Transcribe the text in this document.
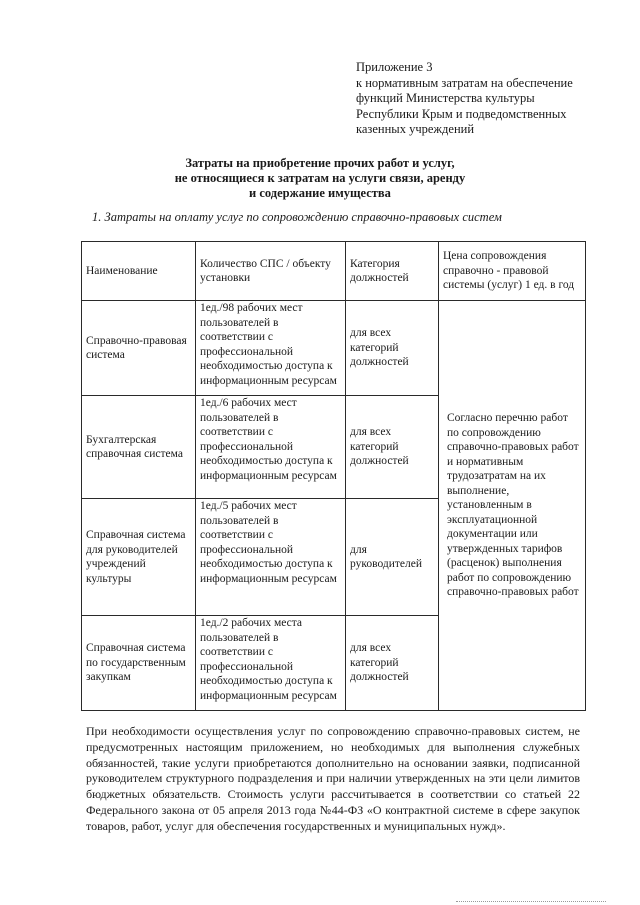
Приложение 3
к нормативным затратам на обеспечение
функций Министерства культуры
Республики Крым и подведомственных
казенных учреждений
Затраты на приобретение прочих работ и услуг,
не относящиеся к затратам на услуги связи, аренду
и содержание имущества
1. Затраты на оплату услуг по сопровождению справочно-правовых систем
Наименование	Количество СПС / объекту установки	Категория должностей	Цена сопровождения справочно - правовой системы (услуг) 1 ед. в год
Справочно-правовая система	1ед./98 рабочих мест пользователей в соответствии с профессиональной необходимостью доступа к информационным ресурсам	для всех категорий должностей	Согласно перечню работ по сопровождению справочно-правовых работ и нормативным трудозатратам на их выполнение, установленным в эксплуатационной документации или утвержденных тарифов (расценок) выполнения работ по сопровождению справочно-правовых работ
Бухгалтерская справочная система	1ед./6 рабочих мест пользователей в соответствии с профессиональной необходимостью доступа к информационным ресурсам	для всех категорий должностей	
Справочная система для руководителей учреждений культуры	1ед./5 рабочих мест пользователей в соответствии с профессиональной необходимостью доступа к информационным ресурсам	для руководителей	
Справочная система по государственным закупкам	1ед./2 рабочих места пользователей в соответствии с профессиональной необходимостью доступа к информационным ресурсам	для всех категорий должностей	
При необходимости осуществления услуг по сопровождению справочно-правовых систем, не предусмотренных настоящим приложением, но необходимых для выполнения служебных обязанностей, такие услуги приобретаются дополнительно на основании заявки, подписанной руководителем структурного подразделения и при наличии утвержденных на эти цели лимитов бюджетных обязательств. Стоимость услуги рассчитывается в соответствии со статьей 22 Федерального закона от 05 апреля 2013 года №44-ФЗ «О контрактной системе в сфере закупок товаров, работ, услуг для обеспечения государственных и муниципальных нужд».
